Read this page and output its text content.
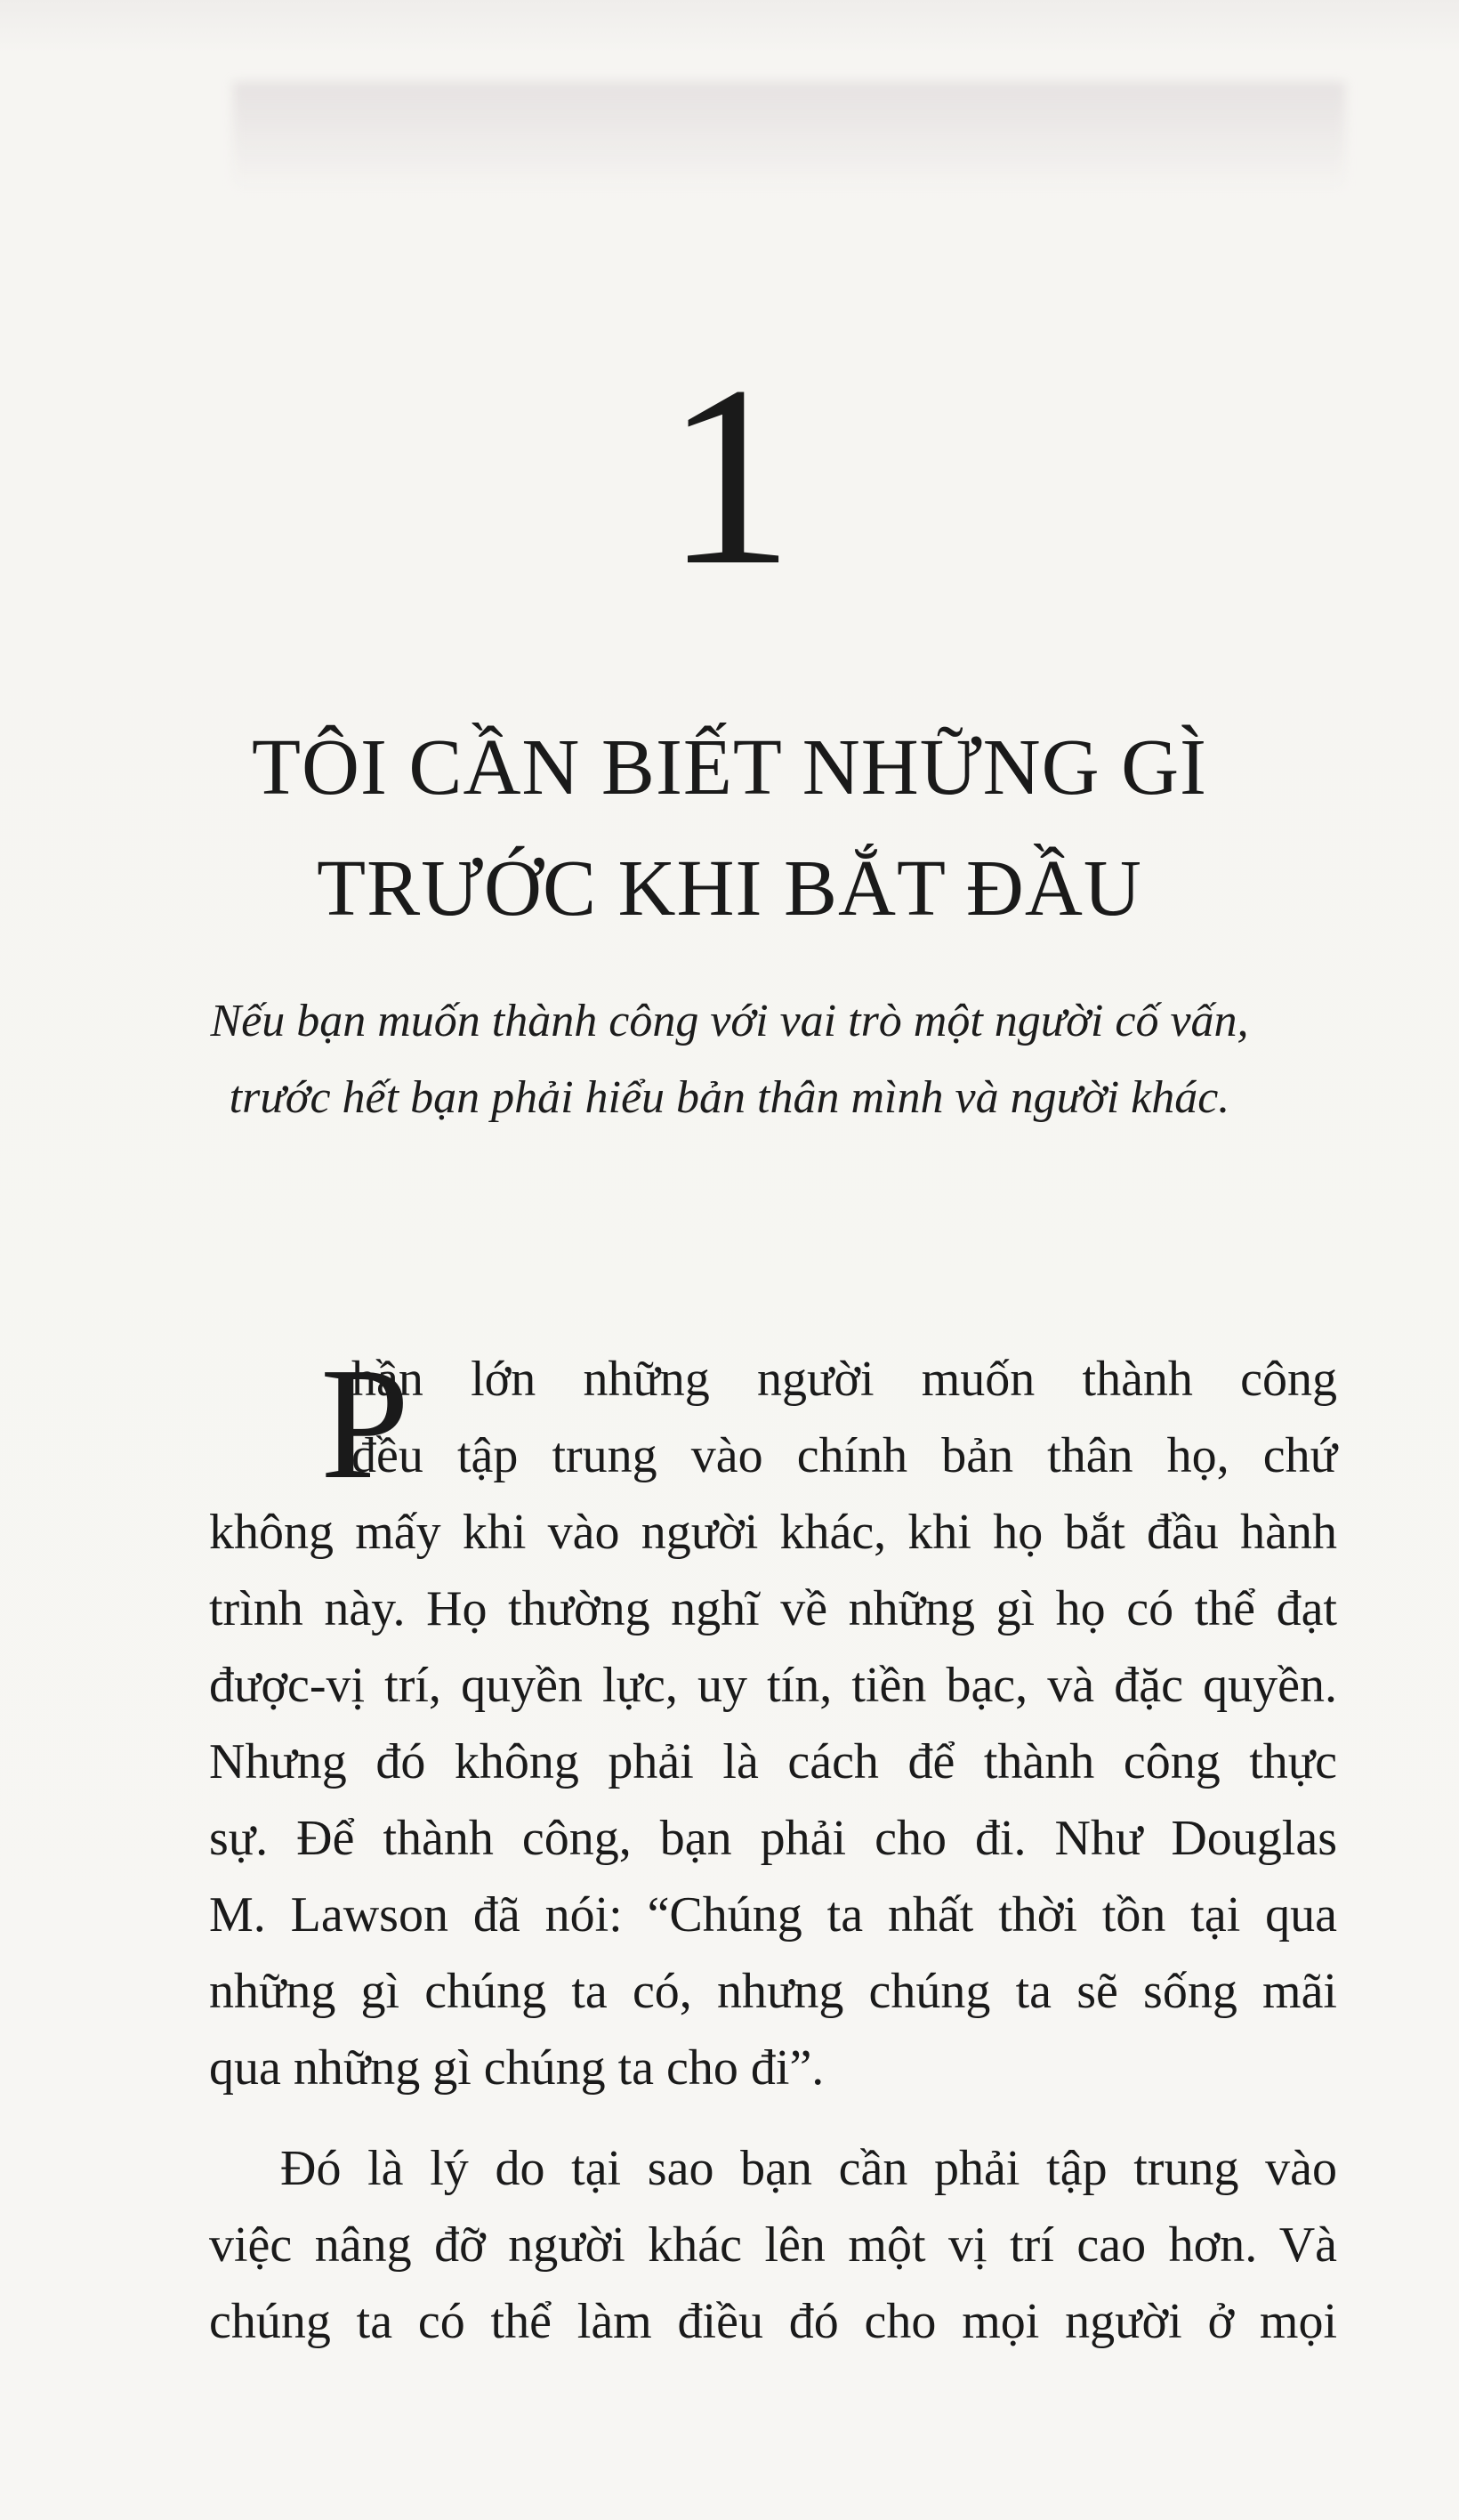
1
TÔI CẦN BIẾT NHỮNG GÌ
TRƯỚC KHI BẮT ĐẦU
Nếu bạn muốn thành công với vai trò một người cố vấn,
trước hết bạn phải hiểu bản thân mình và người khác.
P
hần lớn những người muốn thành công
đều tập trung vào chính bản thân họ, chứ
không mấy khi vào người khác, khi họ bắt đầu hành
trình này. Họ thường nghĩ về những gì họ có thể đạt
được-vị trí, quyền lực, uy tín, tiền bạc, và đặc quyền.
Nhưng đó không phải là cách để thành công thực
sự. Để thành công, bạn phải cho đi. Như Douglas
M. Lawson đã nói: “Chúng ta nhất thời tồn tại qua
những gì chúng ta có, nhưng chúng ta sẽ sống mãi
qua những gì chúng ta cho đi”.
Đó là lý do tại sao bạn cần phải tập trung vào
việc nâng đỡ người khác lên một vị trí cao hơn. Và
chúng ta có thể làm điều đó cho mọi người ở mọi
